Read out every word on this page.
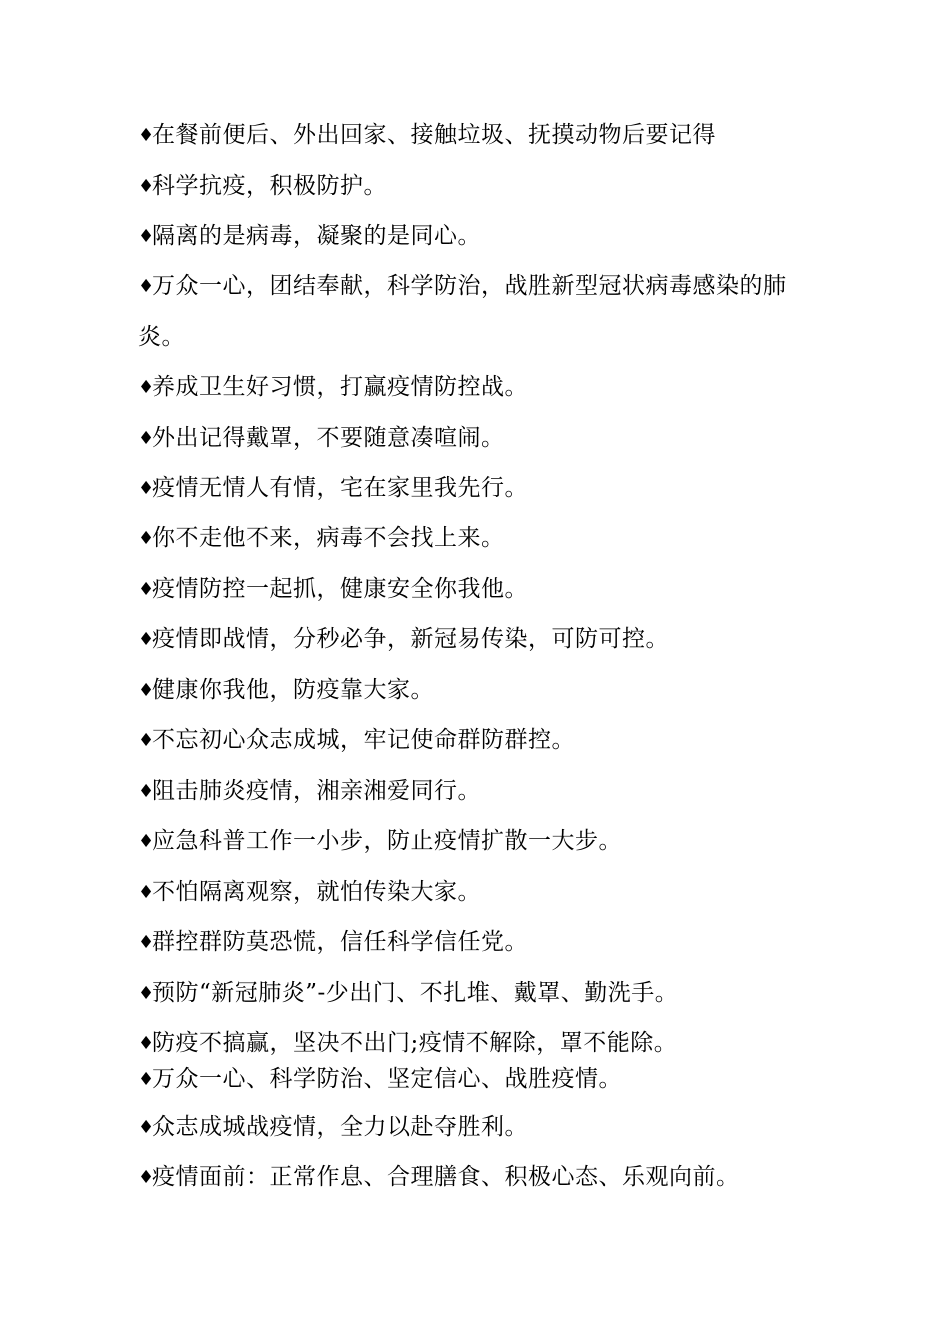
♦在餐前便后、外出回家、接触垃圾、抚摸动物后要记得
♦科学抗疫，积极防护。
♦隔离的是病毒，凝聚的是同心。
♦万众一心，团结奉献，科学防治，战胜新型冠状病毒感染的肺
炎。
♦养成卫生好习惯，打赢疫情防控战。
♦外出记得戴罩，不要随意凑喧闹。
♦疫情无情人有情，宅在家里我先行。
♦你不走他不来，病毒不会找上来。
♦疫情防控一起抓，健康安全你我他。
♦疫情即战情，分秒必争，新冠易传染，可防可控。
♦健康你我他，防疫靠大家。
♦不忘初心众志成城，牢记使命群防群控。
♦阻击肺炎疫情，湘亲湘爱同行。
♦应急科普工作一小步，防止疫情扩散一大步。
♦不怕隔离观察，就怕传染大家。
♦群控群防莫恐慌，信任科学信任党。
♦预防“新冠肺炎”-少出门、不扎堆、戴罩、勤洗手。
♦防疫不搞赢，坚决不出门;疫情不解除，罩不能除。
♦万众一心、科学防治、坚定信心、战胜疫情。
♦众志成城战疫情，全力以赴夺胜利。
♦疫情面前：正常作息、合理膳食、积极心态、乐观向前。
